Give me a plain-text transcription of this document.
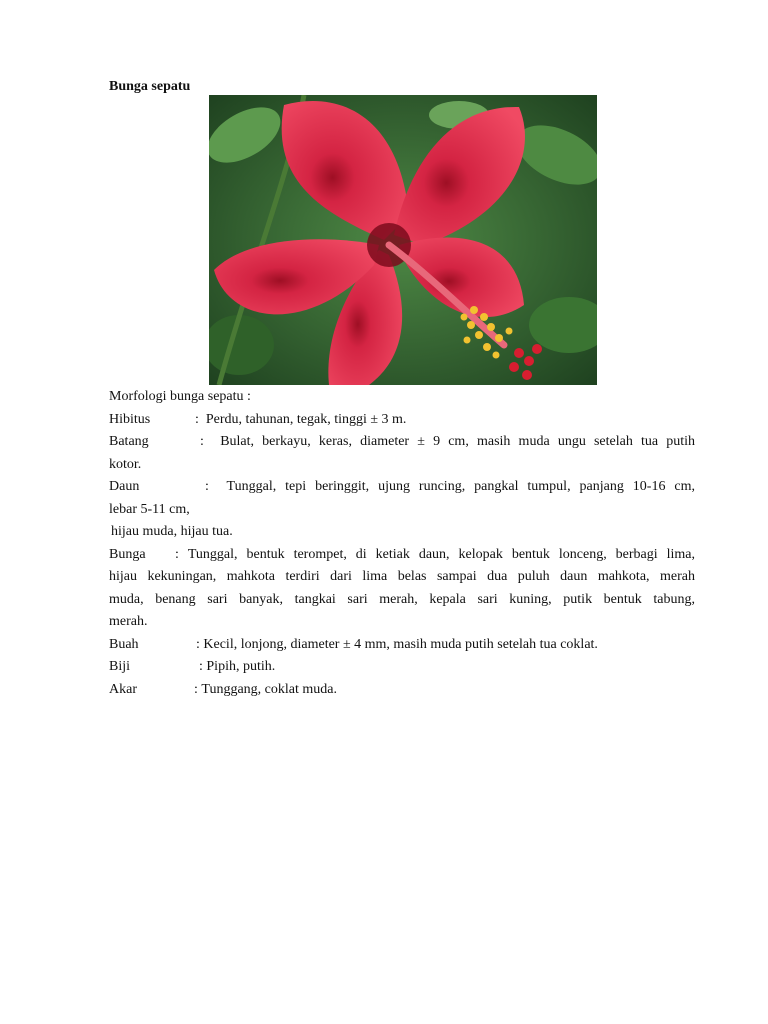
Bunga sepatu
Morfologi bunga sepatu :
Hibitus	: Perdu, tahunan, tegak, tinggi ± 3 m.
Batang	: Bulat, berkayu, keras, diameter ± 9 cm, masih muda ungu setelah tua putih
kotor.
Daun	: Tunggal, tepi beringgit, ujung runcing, pangkal tumpul, panjang 10-16 cm,
lebar 5-11 cm,
hijau muda, hijau tua.
Bunga : Tunggal, bentuk terompet, di ketiak daun, kelopak bentuk lonceng, berbagi lima,
hijau kekuningan, mahkota terdiri dari lima belas sampai dua puluh daun mahkota, merah
muda, benang sari banyak, tangkai sari merah, kepala sari kuning, putik bentuk tabung,
merah.
Buah	: Kecil, lonjong, diameter ± 4 mm, masih muda putih setelah tua coklat.
Biji	: Pipih, putih.
Akar	: Tunggang, coklat muda.
